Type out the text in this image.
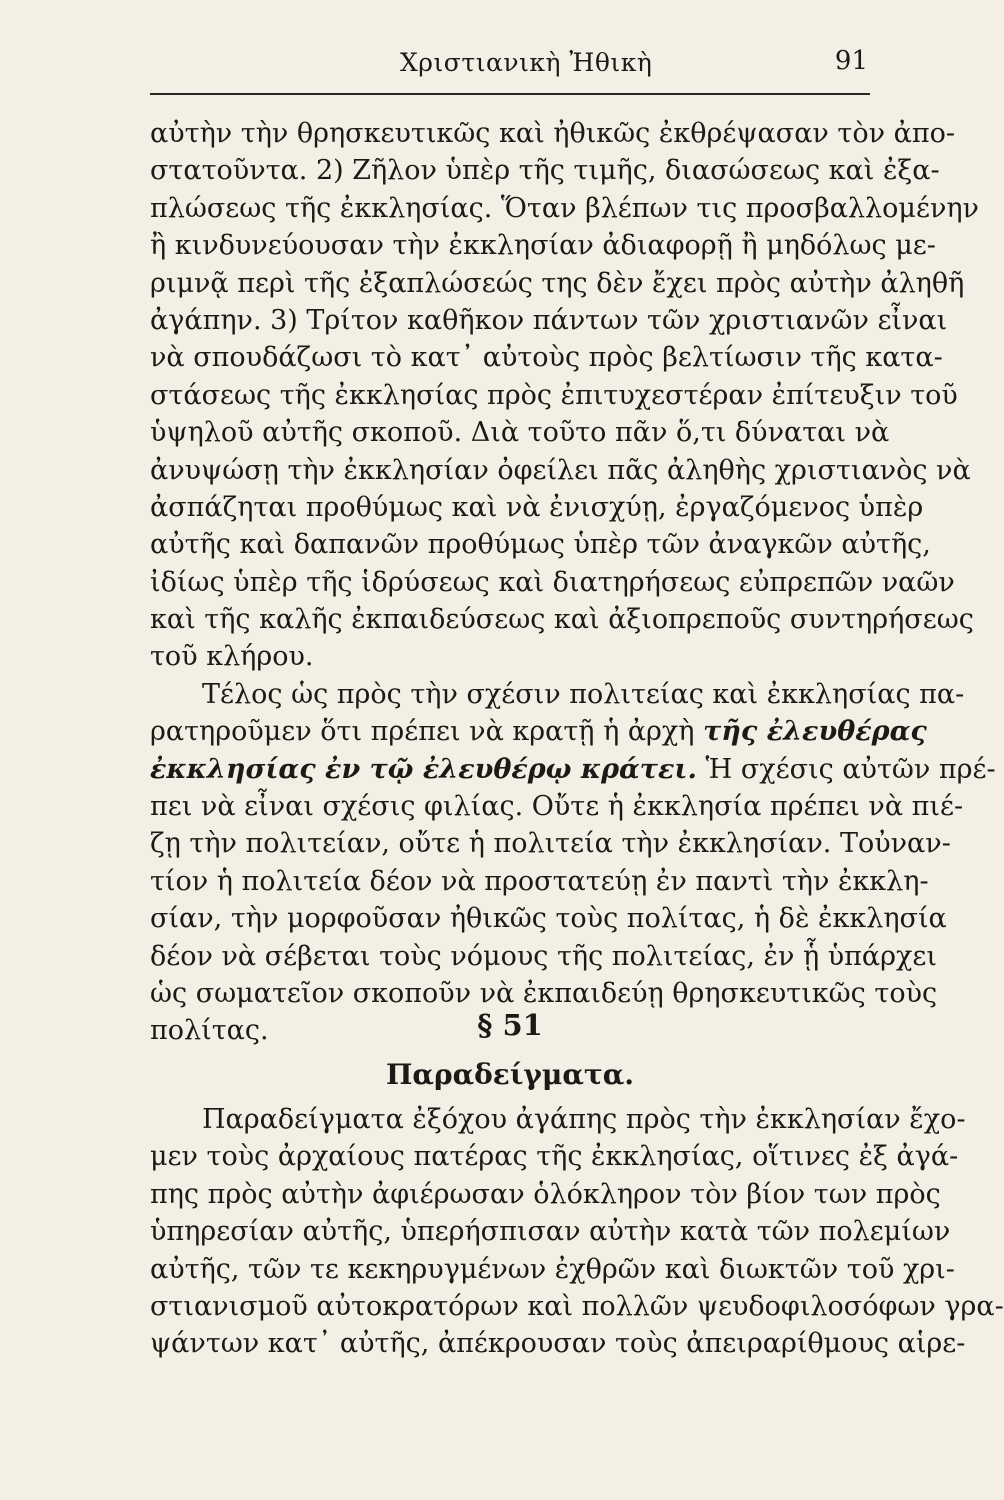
Χριστιανικὴ Ἠθικὴ	91
αὐτὴν τὴν θρησκευτικῶς καὶ ἠθικῶς ἐκθρέψασαν τὸν ἀπο-
στατοῦντα. 2) Ζῆλον ὑπὲρ τῆς τιμῆς, διασώσεως καὶ ἐξα-
πλώσεως τῆς ἐκκλησίας. Ὅταν βλέπων τις προσβαλλομένην
ἢ κινδυνεύουσαν τὴν ἐκκλησίαν ἀδιαφορῇ ἢ μηδόλως με-
ριμνᾷ περὶ τῆς ἐξαπλώσεώς της δὲν ἔχει πρὸς αὐτὴν ἀληθῆ
ἀγάπην. 3) Τρίτον καθῆκον πάντων τῶν χριστιανῶν εἶναι
νὰ σπουδάζωσι τὸ κατ᾽ αὐτοὺς πρὸς βελτίωσιν τῆς κατα-
στάσεως τῆς ἐκκλησίας πρὸς ἐπιτυχεστέραν ἐπίτευξιν τοῦ
ὑψηλοῦ αὐτῆς σκοποῦ. Διὰ τοῦτο πᾶν ὅ,τι δύναται νὰ
ἀνυψώσῃ τὴν ἐκκλησίαν ὀφείλει πᾶς ἀληθὴς χριστιανὸς νὰ
ἀσπάζηται προθύμως καὶ νὰ ἐνισχύῃ, ἐργαζόμενος ὑπὲρ
αὐτῆς καὶ δαπανῶν προθύμως ὑπὲρ τῶν ἀναγκῶν αὐτῆς,
ἰδίως ὑπὲρ τῆς ἱδρύσεως καὶ διατηρήσεως εὐπρεπῶν ναῶν
καὶ τῆς καλῆς ἐκπαιδεύσεως καὶ ἀξιοπρεποῦς συντηρήσεως
τοῦ κλήρου.
Τέλος ὡς πρὸς τὴν σχέσιν πολιτείας καὶ ἐκκλησίας πα-
ρατηροῦμεν ὅτι πρέπει νὰ κρατῇ ἡ ἀρχὴ τῆς ἐλευθέρας
ἐκκλησίας ἐν τῷ ἐλευθέρῳ κράτει. Ἡ σχέσις αὐτῶν πρέ-
πει νὰ εἶναι σχέσις φιλίας. Οὔτε ἡ ἐκκλησία πρέπει νὰ πιέ-
ζῃ τὴν πολιτείαν, οὔτε ἡ πολιτεία τὴν ἐκκλησίαν. Τοὐναν-
τίον ἡ πολιτεία δέον νὰ προστατεύῃ ἐν παντὶ τὴν ἐκκλη-
σίαν, τὴν μορφοῦσαν ἠθικῶς τοὺς πολίτας, ἡ δὲ ἐκκλησία
δέον νὰ σέβεται τοὺς νόμους τῆς πολιτείας, ἐν ᾗ ὑπάρχει
ὡς σωματεῖον σκοποῦν νὰ ἐκπαιδεύῃ θρησκευτικῶς τοὺς
πολίτας.	§ 51
Παραδείγματα.
Παραδείγματα ἐξόχου ἀγάπης πρὸς τὴν ἐκκλησίαν ἔχο-
μεν τοὺς ἀρχαίους πατέρας τῆς ἐκκλησίας, οἵτινες ἐξ ἀγά-
πης πρὸς αὐτὴν ἀφιέρωσαν ὁλόκληρον τὸν βίον των πρὸς
ὑπηρεσίαν αὐτῆς, ὑπερήσπισαν αὐτὴν κατὰ τῶν πολεμίων
αὐτῆς, τῶν τε κεκηρυγμένων ἐχθρῶν καὶ διωκτῶν τοῦ χρι-
στιανισμοῦ αὐτοκρατόρων καὶ πολλῶν ψευδοφιλοσόφων γρα-
ψάντων κατ᾽ αὐτῆς, ἀπέκρουσαν τοὺς ἀπειραρίθμους αἱρε-
